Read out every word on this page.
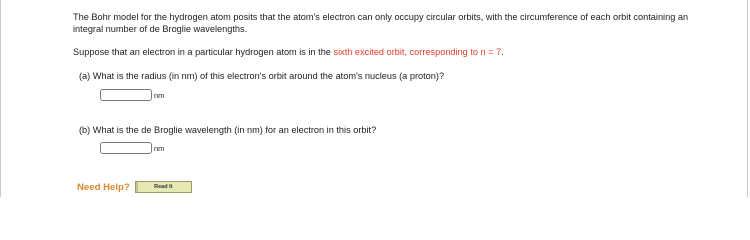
The Bohr model for the hydrogen atom posits that the atom's electron can only occupy circular orbits, with the circumference of each orbit containing an integral number of de Broglie wavelengths.
Suppose that an electron in a particular hydrogen atom is in the sixth excited orbit, corresponding to n = 7.
(a) What is the radius (in nm) of this electron's orbit around the atom's nucleus (a proton)?
nm
(b) What is the de Broglie wavelength (in nm) for an electron in this orbit?
nm
Need Help?	Read It
